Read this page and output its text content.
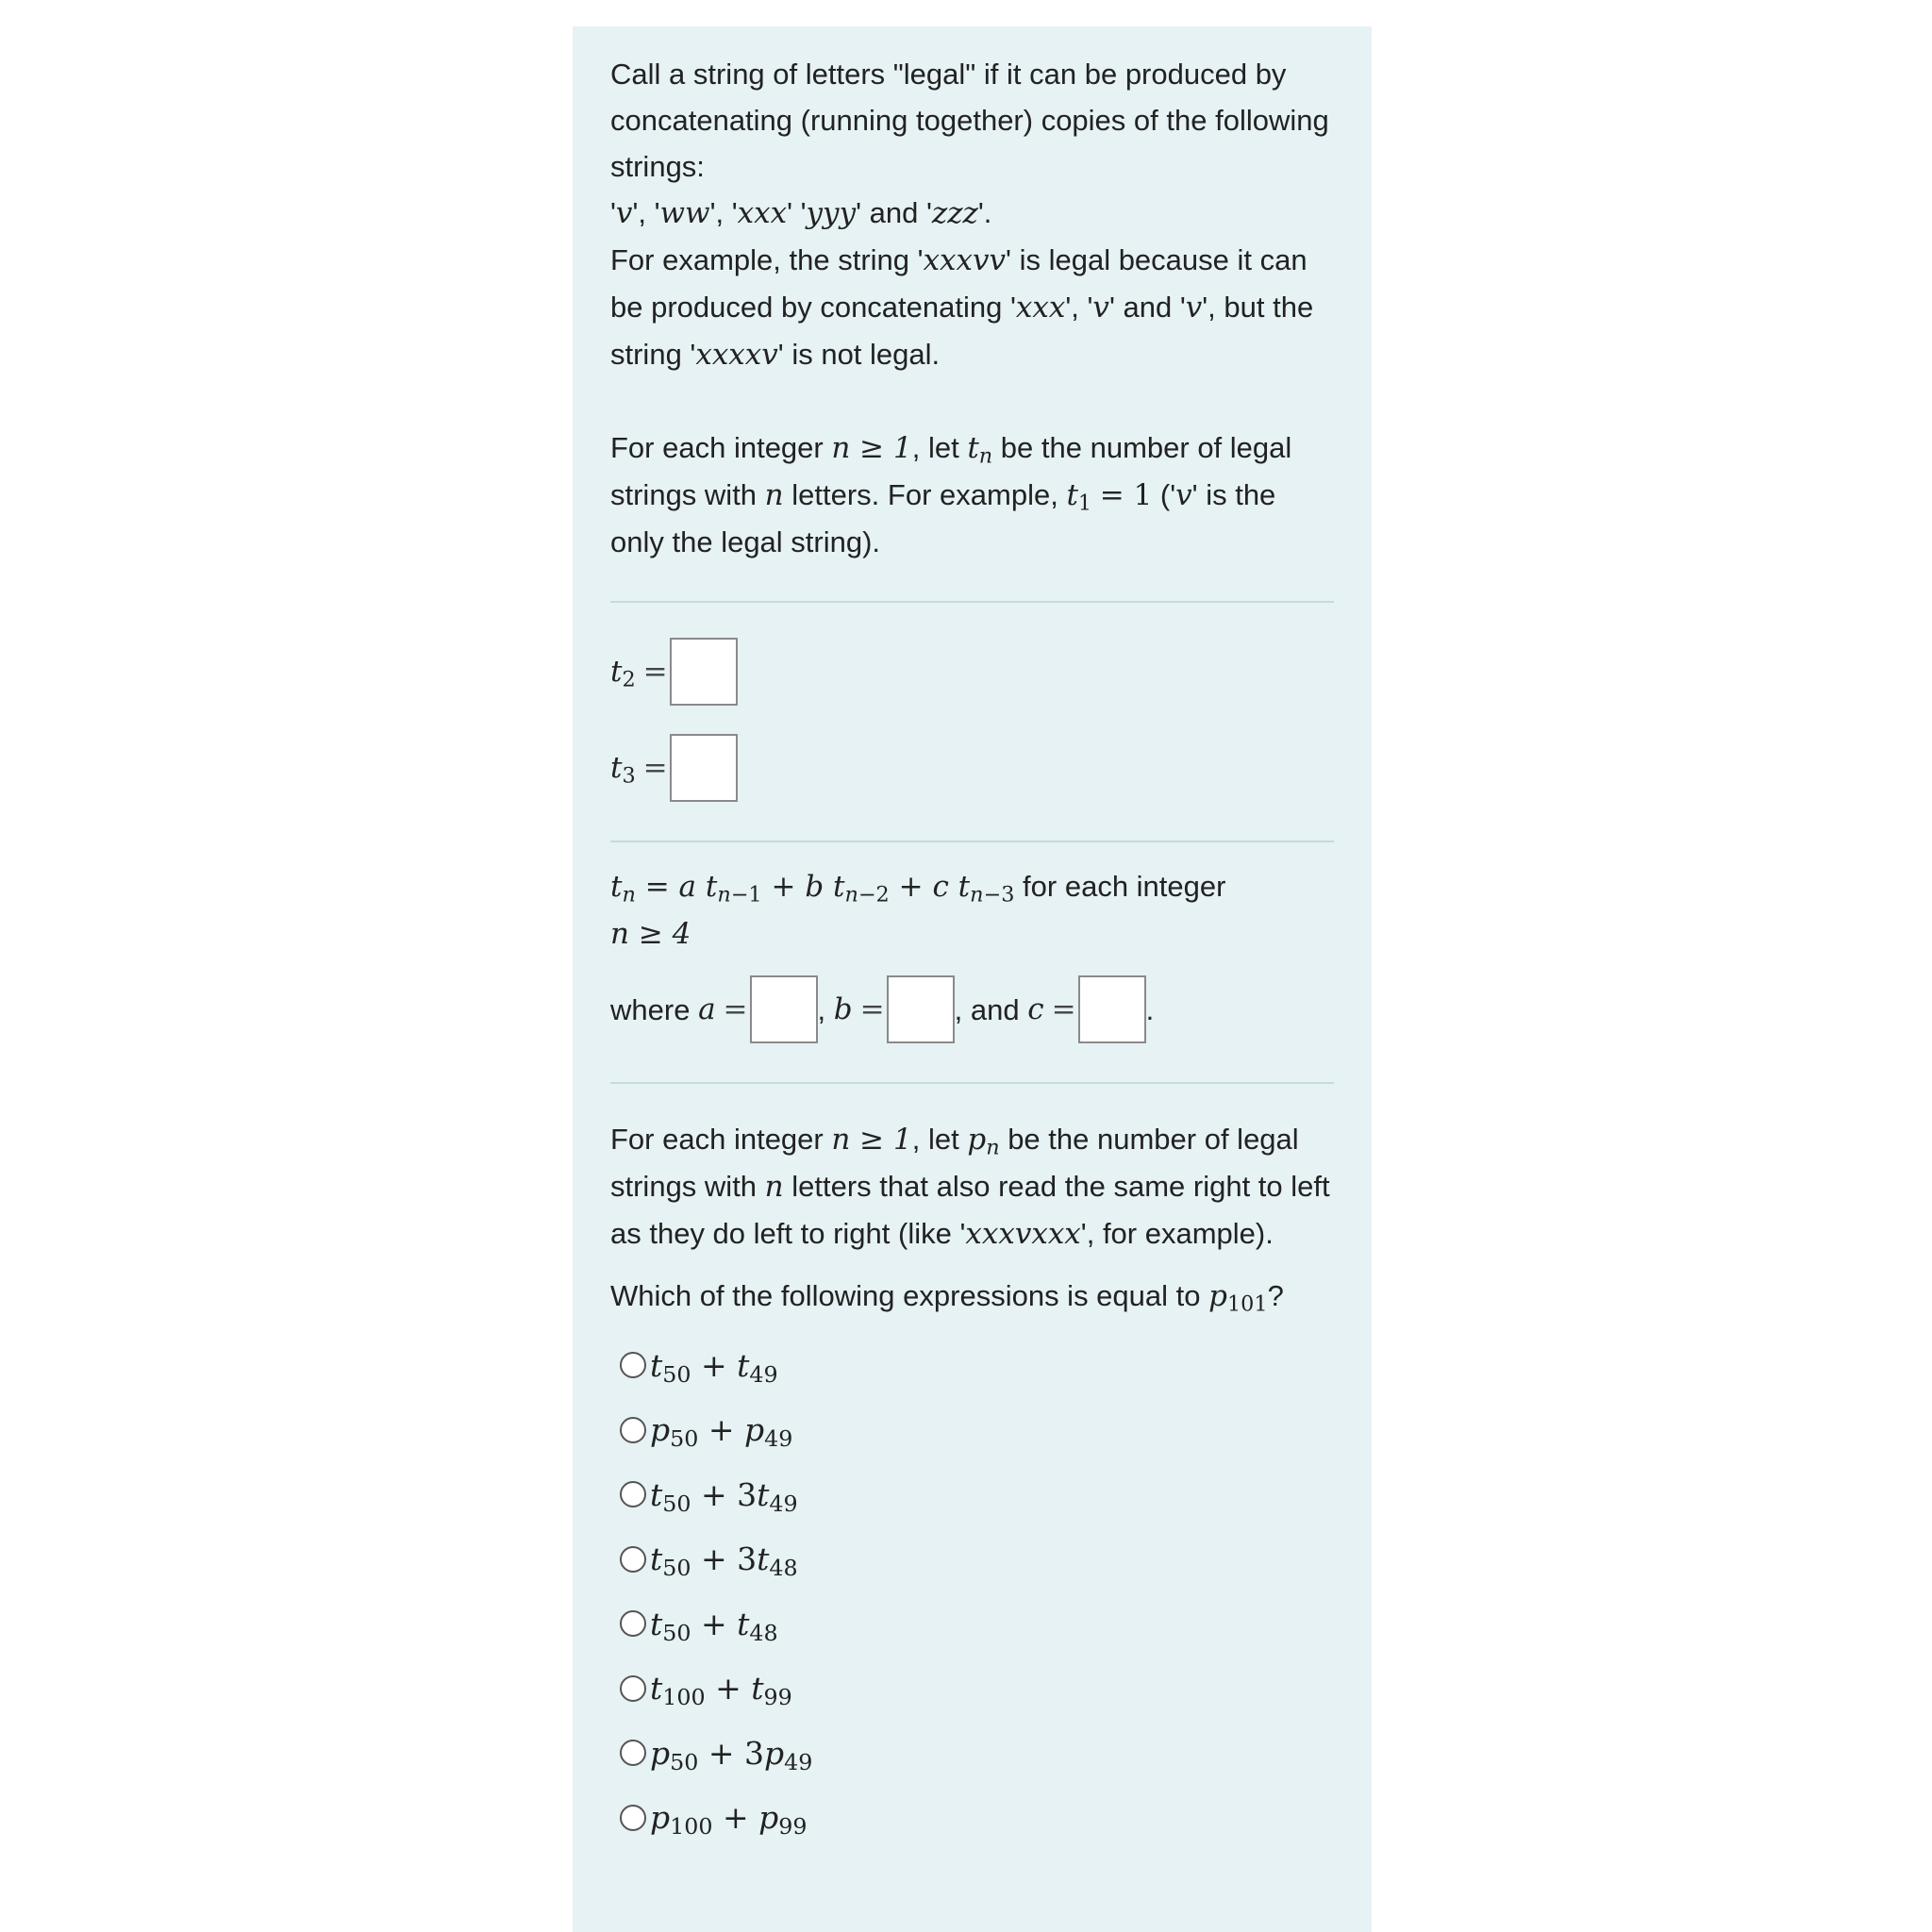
Call a string of letters "legal" if it can be produced by concatenating (running together) copies of the following strings:
'v', 'ww', 'xxx' 'yyy' and 'zzz'.
For example, the string 'xxxvv' is legal because it can be produced by concatenating 'xxx', 'v' and 'v', but the string 'xxxxv' is not legal.

For each integer n ≥ 1, let $t_n$ be the number of legal strings with n letters. For example, $t_1 = 1$ ('v' is the only the legal string).

$t_2$ =
$t_3$ =

$t_n = a$ $t_{n-1} + b$ $t_{n-2} + c$ $t_{n-3}$ for each integer
n ≥ 4

where
a = ,
b = , and
c = .

For each integer n ≥ 1, let $p_n$ be the number of legal strings with n letters that also read the same right to left as they do left to right (like 'xxxvxxx', for example).

Which of the following expressions is equal to $p_{101}$?

$t_{50} + t_{49}$
$p_{50} + p_{49}$
$t_{50} + 3t_{49}$
$t_{50} + 3t_{48}$
$t_{50} + t_{48}$
$t_{100} + t_{99}$
$p_{50} + 3p_{49}$
$p_{100} + p_{99}$
